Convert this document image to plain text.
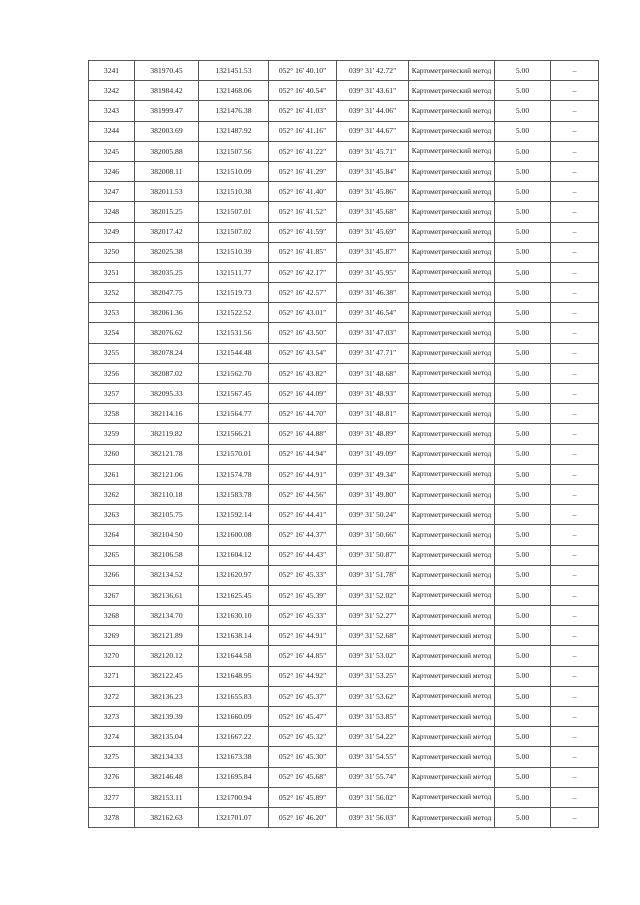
3241	381970.45	1321451.53	052° 16' 40.10"	039° 31' 42.72"	Картометрический метод	5.00	–
3242	381984.42	1321468.06	052° 16' 40.54"	039° 31' 43.61"	Картометрический метод	5.00	–
3243	381999.47	1321476.38	052° 16' 41.03"	039° 31' 44.06"	Картометрический метод	5.00	–
3244	382003.69	1321487.92	052° 16' 41.16"	039° 31' 44.67"	Картометрический метод	5.00	–
3245	382005.88	1321507.56	052° 16' 41.22"	039° 31' 45.71"	Картометрический метод	5.00	–
3246	382008.11	1321510.09	052° 16' 41.29"	039° 31' 45.84"	Картометрический метод	5.00	–
3247	382011.53	1321510.38	052° 16' 41.40"	039° 31' 45.86"	Картометрический метод	5.00	–
3248	382015.25	1321507.01	052° 16' 41.52"	039° 31' 45.68"	Картометрический метод	5.00	–
3249	382017.42	1321507.02	052° 16' 41.59"	039° 31' 45.69"	Картометрический метод	5.00	–
3250	382025.38	1321510.39	052° 16' 41.85"	039° 31' 45.87"	Картометрический метод	5.00	–
3251	382035.25	1321511.77	052° 16' 42.17"	039° 31' 45.95"	Картометрический метод	5.00	–
3252	382047.75	1321519.73	052° 16' 42.57"	039° 31' 46.38"	Картометрический метод	5.00	–
3253	382061.36	1321522.52	052° 16' 43.01"	039° 31' 46.54"	Картометрический метод	5.00	–
3254	382076.62	1321531.56	052° 16' 43.50"	039° 31' 47.03"	Картометрический метод	5.00	–
3255	382078.24	1321544.48	052° 16' 43.54"	039° 31' 47.71"	Картометрический метод	5.00	–
3256	382087.02	1321562.70	052° 16' 43.82"	039° 31' 48.68"	Картометрический метод	5.00	–
3257	382095.33	1321567.45	052° 16' 44.09"	039° 31' 48.93"	Картометрический метод	5.00	–
3258	382114.16	1321564.77	052° 16' 44.70"	039° 31' 48.81"	Картометрический метод	5.00	–
3259	382119.82	1321566.21	052° 16' 44.88"	039° 31' 48.89"	Картометрический метод	5.00	–
3260	382121.78	1321570.01	052° 16' 44.94"	039° 31' 49.09"	Картометрический метод	5.00	–
3261	382121.06	1321574.78	052° 16' 44.91"	039° 31' 49.34"	Картометрический метод	5.00	–
3262	382110.18	1321583.78	052° 16' 44.56"	039° 31' 49.80"	Картометрический метод	5.00	–
3263	382105.75	1321592.14	052° 16' 44.41"	039° 31' 50.24"	Картометрический метод	5.00	–
3264	382104.50	1321600.08	052° 16' 44.37"	039° 31' 50.66"	Картометрический метод	5.00	–
3265	382106.58	1321604.12	052° 16' 44.43"	039° 31' 50.87"	Картометрический метод	5.00	–
3266	382134.52	1321620.97	052° 16' 45.33"	039° 31' 51.78"	Картометрический метод	5.00	–
3267	382136.61	1321625.45	052° 16' 45.39"	039° 31' 52.02"	Картометрический метод	5.00	–
3268	382134.70	1321630.10	052° 16' 45.33"	039° 31' 52.27"	Картометрический метод	5.00	–
3269	382121.89	1321638.14	052° 16' 44.91"	039° 31' 52.68"	Картометрический метод	5.00	–
3270	382120.12	1321644.58	052° 16' 44.85"	039° 31' 53.02"	Картометрический метод	5.00	–
3271	382122.45	1321648.95	052° 16' 44.92"	039° 31' 53.25"	Картометрический метод	5.00	–
3272	382136.23	1321655.83	052° 16' 45.37"	039° 31' 53.62"	Картометрический метод	5.00	–
3273	382139.39	1321660.09	052° 16' 45.47"	039° 31' 53.85"	Картометрический метод	5.00	–
3274	382135.04	1321667.22	052° 16' 45.32"	039° 31' 54.22"	Картометрический метод	5.00	–
3275	382134.33	1321673.38	052° 16' 45.30"	039° 31' 54.55"	Картометрический метод	5.00	–
3276	382146.48	1321695.84	052° 16' 45.68"	039° 31' 55.74"	Картометрический метод	5.00	–
3277	382153.11	1321700.94	052° 16' 45.89"	039° 31' 56.02"	Картометрический метод	5.00	–
3278	382162.63	1321701.07	052° 16' 46.20"	039° 31' 56.03"	Картометрический метод	5.00	–
